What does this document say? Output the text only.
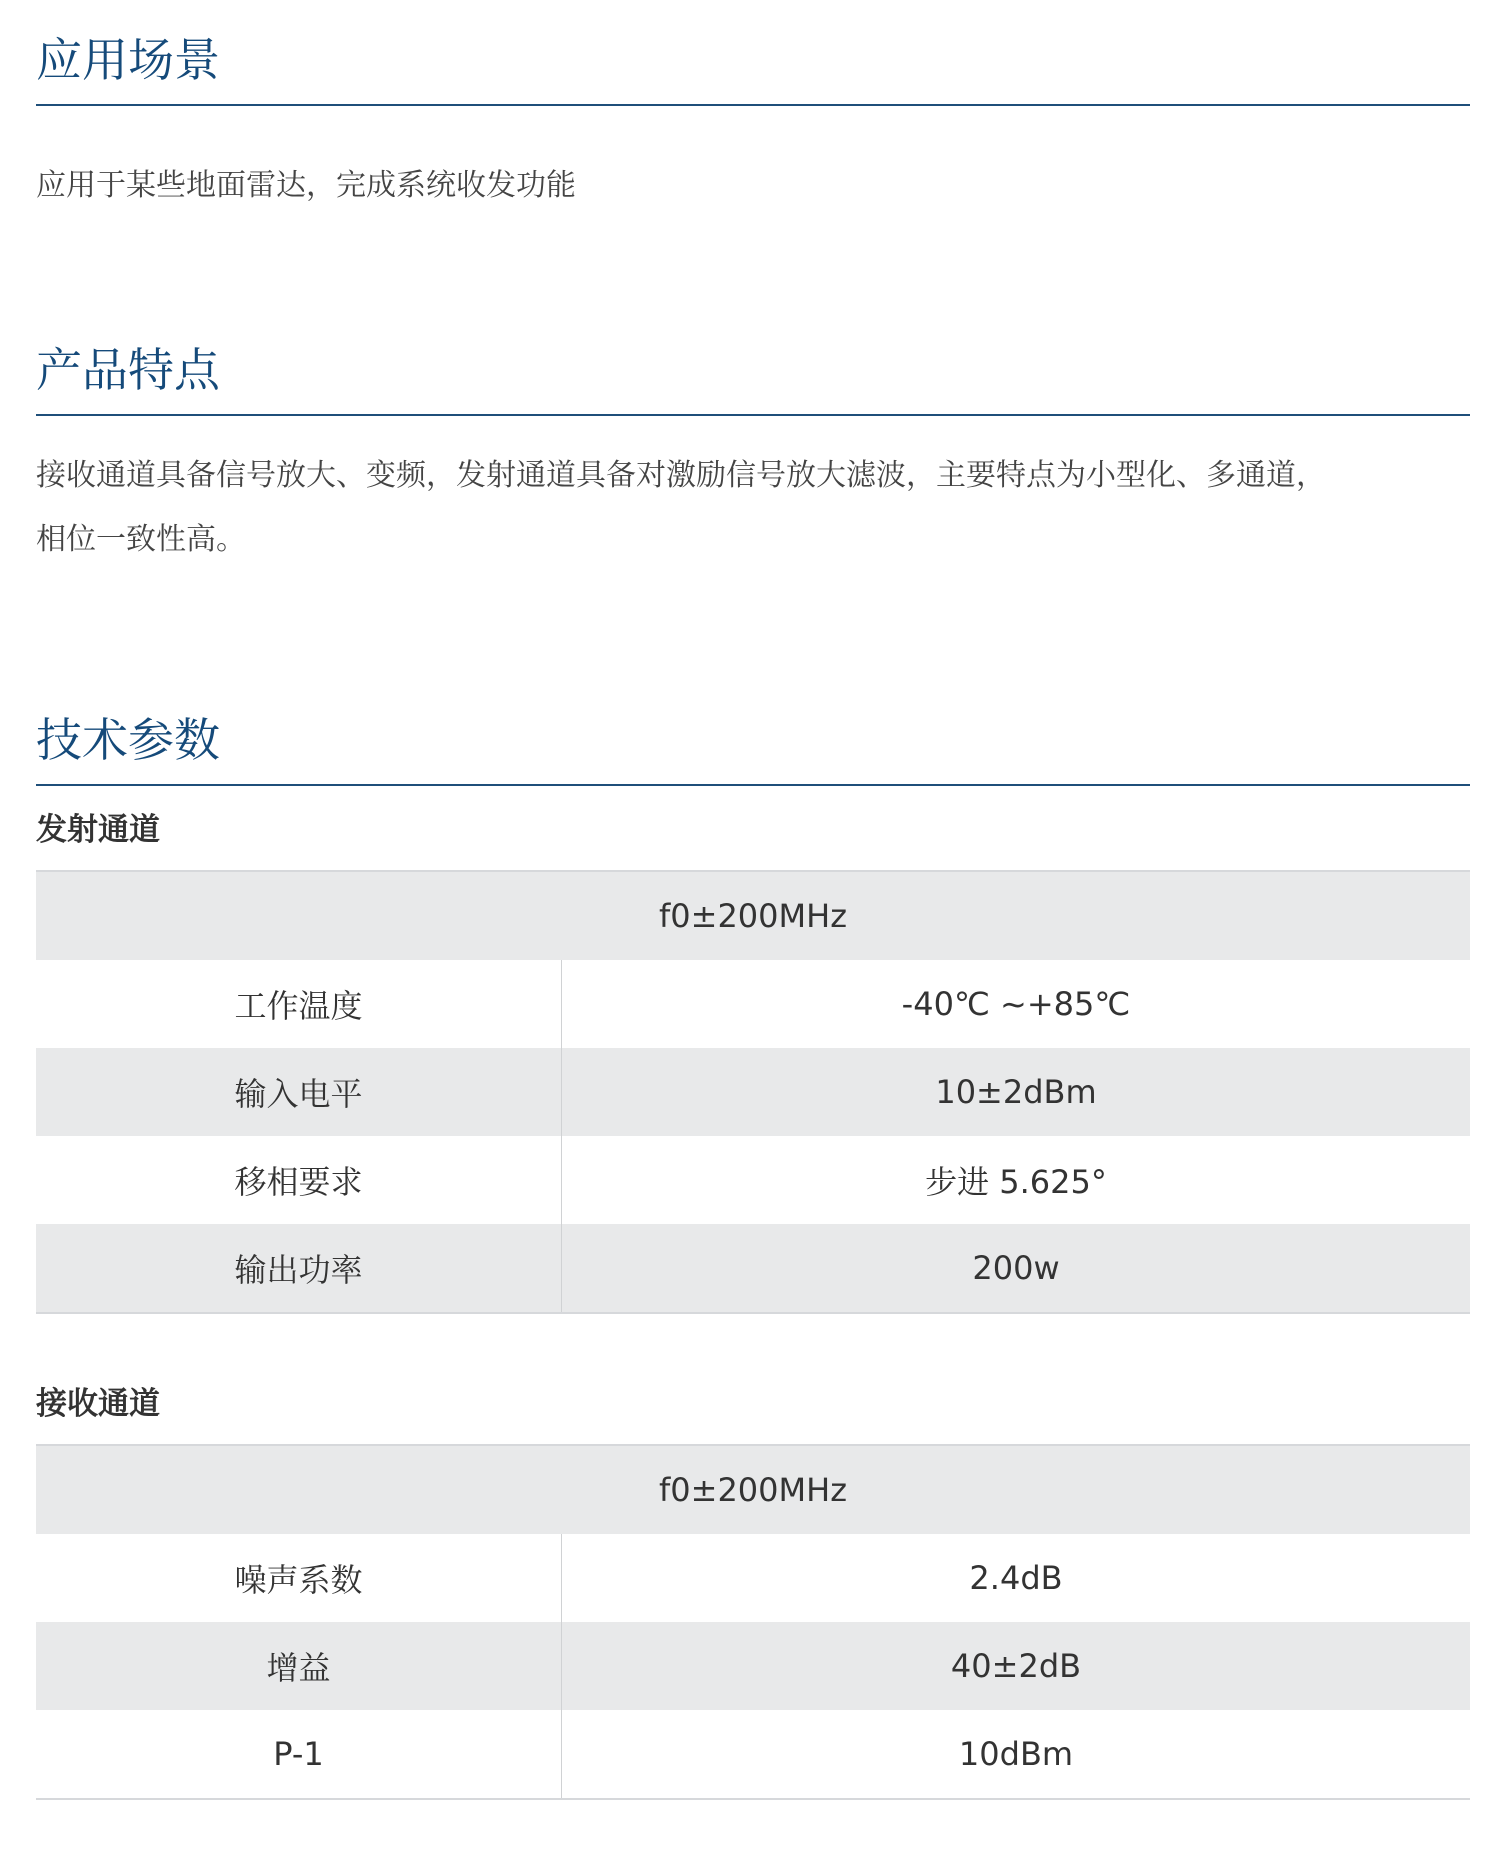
应用场景

应用于某些地面雷达，完成系统收发功能

产品特点

接收通道具备信号放大、变频，发射通道具备对激励信号放大滤波，主要特点为小型化、多通道，

相位一致性高。

技术参数
发射通道
f0±200MHz	
工作温度	-40℃ ~+85℃
输入电平	10±2dBm
移相要求	步进 5.625°
输出功率	200w
接收通道
f0±200MHz	
噪声系数	2.4dB
增益	40±2dB
P-1	10dBm
